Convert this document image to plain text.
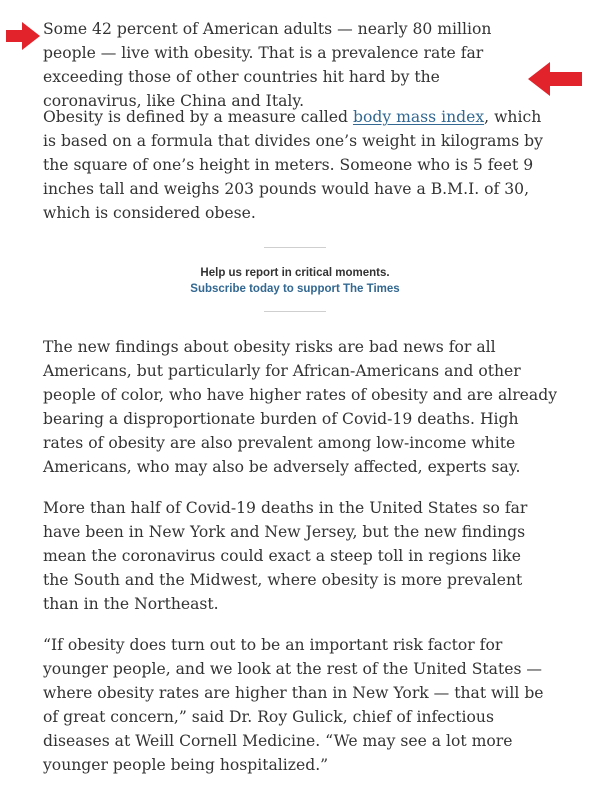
Some 42 percent of American adults — nearly 80 million people — live with obesity. That is a prevalence rate far exceeding those of other countries hit hard by the coronavirus, like China and Italy.

Obesity is defined by a measure called body mass index, which is based on a formula that divides one’s weight in kilograms by the square of one’s height in meters. Someone who is 5 feet 9 inches tall and weighs 203 pounds would have a B.M.I. of 30, which is considered obese.

The new findings about obesity risks are bad news for all Americans, but particularly for African-Americans and other people of color, who have higher rates of obesity and are already bearing a disproportionate burden of Covid-19 deaths. High rates of obesity are also prevalent among low-income white Americans, who may also be adversely affected, experts say.

More than half of Covid-19 deaths in the United States so far have been in New York and New Jersey, but the new findings mean the coronavirus could exact a steep toll in regions like the South and the Midwest, where obesity is more prevalent than in the Northeast.

“If obesity does turn out to be an important risk factor for younger people, and we look at the rest of the United States — where obesity rates are higher than in New York — that will be of great concern,” said Dr. Roy Gulick, chief of infectious diseases at Weill Cornell Medicine. “We may see a lot more younger people being hospitalized.”

Help us report in critical moments.
Subscribe today to support The Times
